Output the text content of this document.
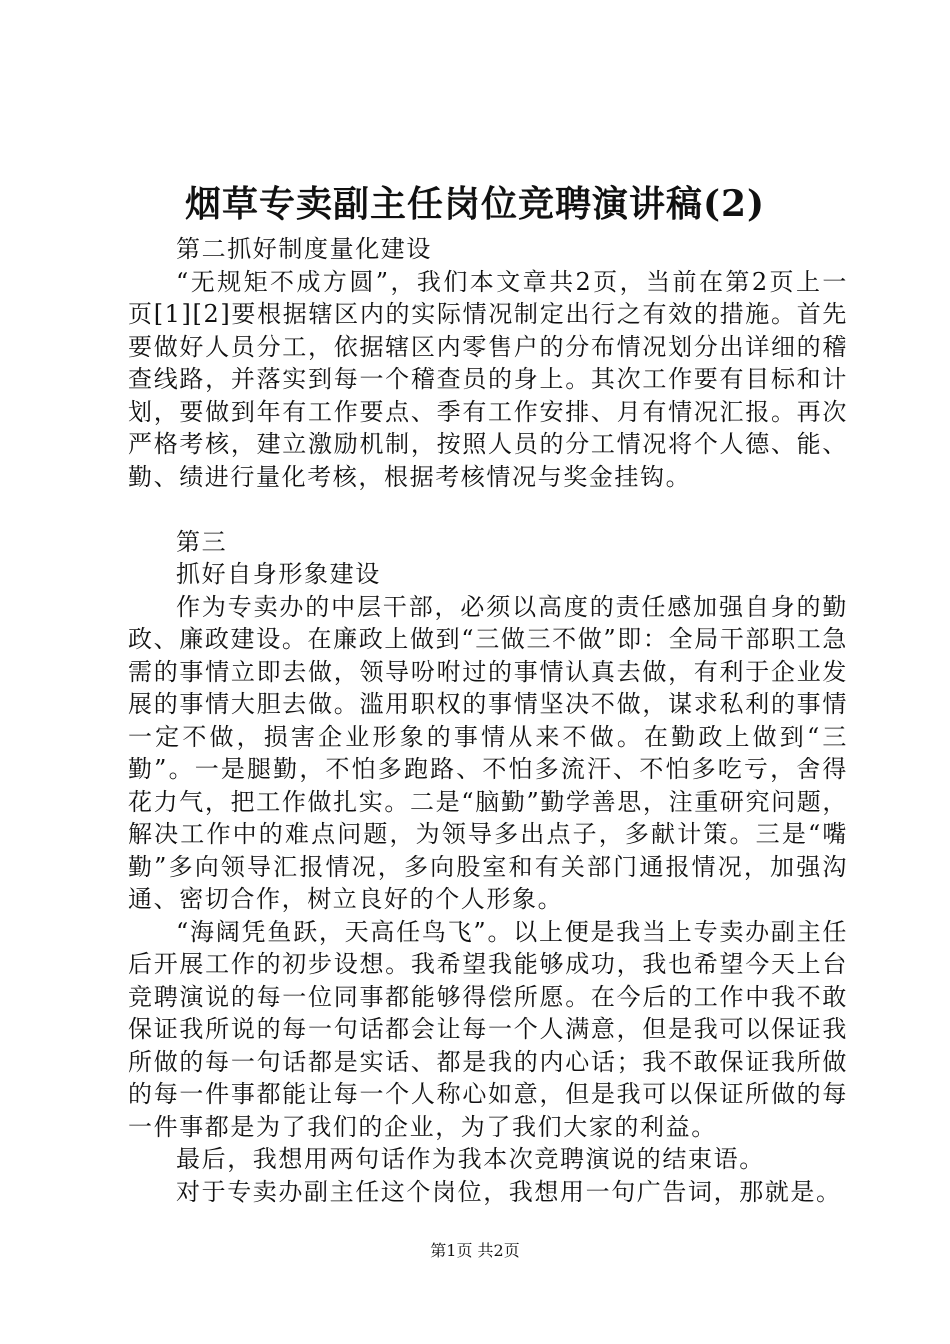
烟草专卖副主任岗位竞聘演讲稿(2)

第二抓好制度量化建设

“无规矩不成方圆”，我们本文章共2页，当前在第2页上一页[1][2]要根据辖区内的实际情况制定出行之有效的措施。首先要做好人员分工，依据辖区内零售户的分布情况划分出详细的稽查线路，并落实到每一个稽查员的身上。其次工作要有目标和计划，要做到年有工作要点、季有工作安排、月有情况汇报。再次严格考核，建立激励机制，按照人员的分工情况将个人德、能、勤、绩进行量化考核，根据考核情况与奖金挂钩。

第三

抓好自身形象建设

作为专卖办的中层干部，必须以高度的责任感加强自身的勤政、廉政建设。在廉政上做到“三做三不做”即：全局干部职工急需的事情立即去做，领导吩咐过的事情认真去做，有利于企业发展的事情大胆去做。滥用职权的事情坚决不做，谋求私利的事情一定不做，损害企业形象的事情从来不做。在勤政上做到“三勤”。一是腿勤，不怕多跑路、不怕多流汗、不怕多吃亏，舍得花力气，把工作做扎实。二是“脑勤”勤学善思，注重研究问题，解决工作中的难点问题，为领导多出点子，多献计策。三是“嘴勤”多向领导汇报情况，多向股室和有关部门通报情况，加强沟通、密切合作，树立良好的个人形象。

“海阔凭鱼跃，天高任鸟飞”。以上便是我当上专卖办副主任后开展工作的初步设想。我希望我能够成功，我也希望今天上台竞聘演说的每一位同事都能够得偿所愿。在今后的工作中我不敢保证我所说的每一句话都会让每一个人满意，但是我可以保证我所做的每一句话都是实话、都是我的内心话；我不敢保证我所做的每一件事都能让每一个人称心如意，但是我可以保证所做的每一件事都是为了我们的企业，为了我们大家的利益。

最后，我想用两句话作为我本次竞聘演说的结束语。

对于专卖办副主任这个岗位，我想用一句广告词，那就是。

第1页 共2页
